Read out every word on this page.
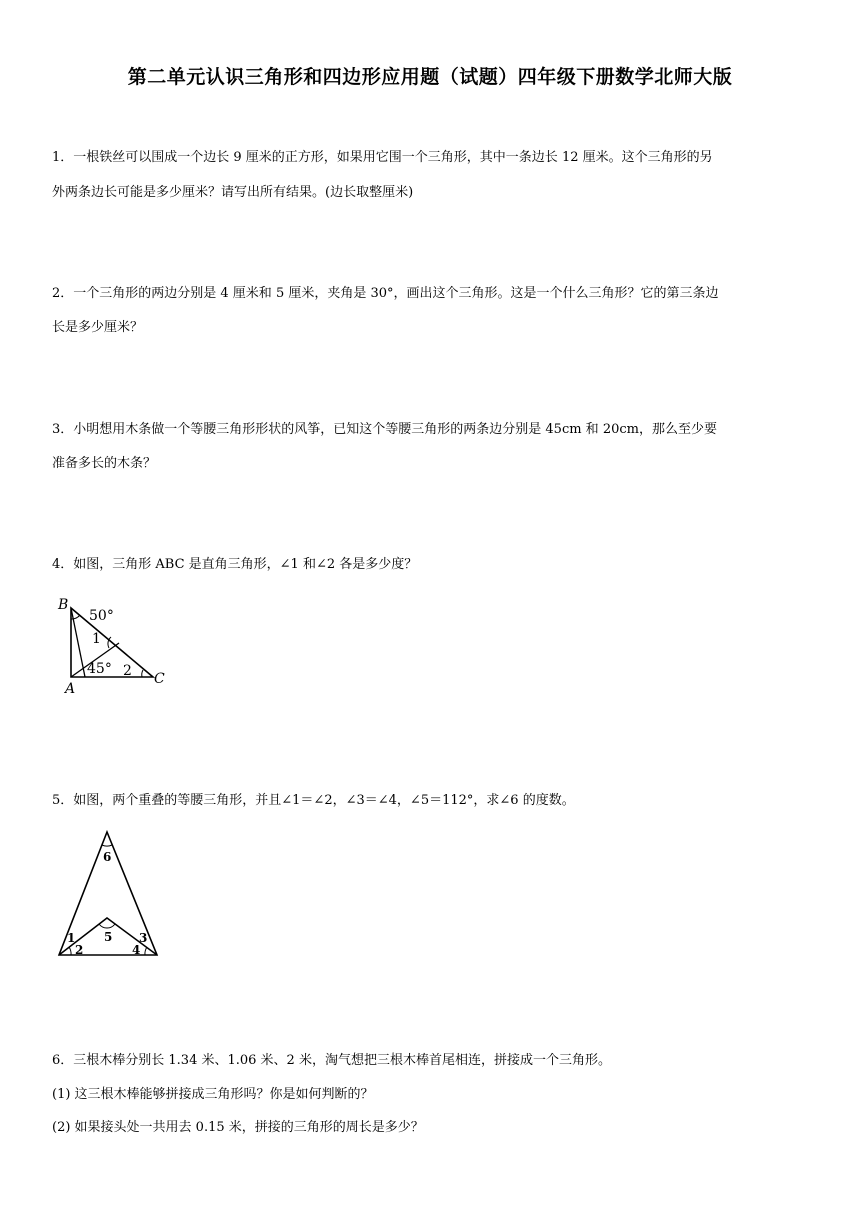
第二单元认识三角形和四边形应用题（试题）四年级下册数学北师大版
1．一根铁丝可以围成一个边长 9 厘米的正方形，如果用它围一个三角形，其中一条边长 12 厘米。这个三角形的另
外两条边长可能是多少厘米？请写出所有结果。(边长取整厘米)
2．一个三角形的两边分别是 4 厘米和 5 厘米，夹角是 30°，画出这个三角形。这是一个什么三角形？它的第三条边
长是多少厘米？
3．小明想用木条做一个等腰三角形形状的风筝，已知这个等腰三角形的两条边分别是 45cm 和 20cm，那么至少要
准备多长的木条？
4．如图，三角形 ABC 是直角三角形，∠1 和∠2 各是多少度？
B
A
C
50°
45°
1
2
5．如图，两个重叠的等腰三角形，并且∠1＝∠2，∠3＝∠4，∠5＝112°，求∠6 的度数。
6
5
1
2
3
4
6．三根木棒分别长 1.34 米、1.06 米、2 米，淘气想把三根木棒首尾相连，拼接成一个三角形。
(1) 这三根木棒能够拼接成三角形吗？你是如何判断的？
(2) 如果接头处一共用去 0.15 米，拼接的三角形的周长是多少？
